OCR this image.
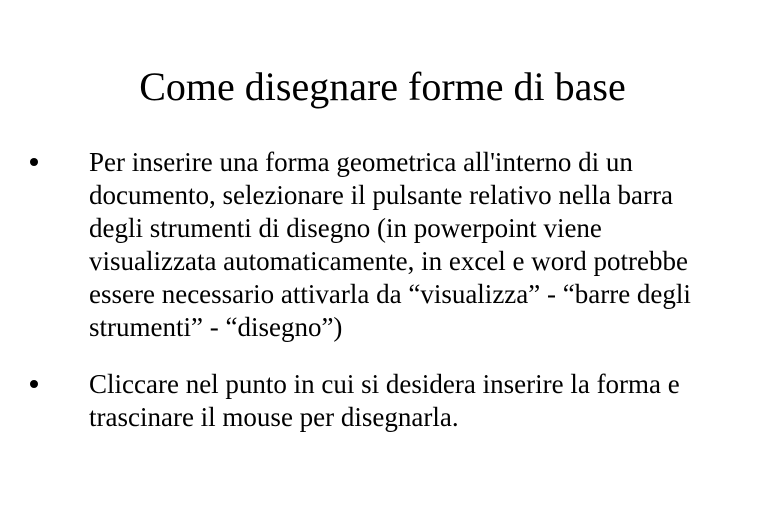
Come disegnare forme di base
Per inserire una forma geometrica all'interno di un documento, selezionare il pulsante relativo nella barra degli strumenti di disegno (in powerpoint viene visualizzata automaticamente, in excel e word potrebbe essere necessario attivarla da “visualizza” - “barre degli strumenti” - “disegno”)
Cliccare nel punto in cui si desidera inserire la forma e trascinare il mouse per disegnarla.
